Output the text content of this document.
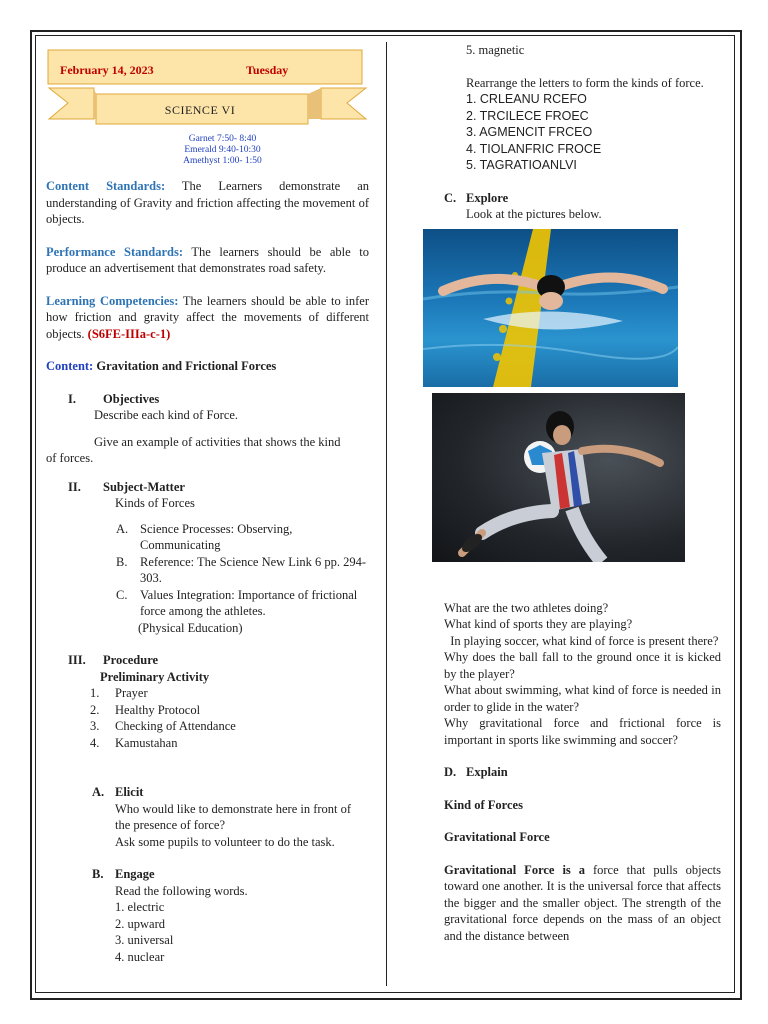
February 14, 2023	Tuesday
SCIENCE VI
Garnet 7:50- 8:40
Emerald 9:40-10:30
Amethyst 1:00- 1:50

Content Standards: The Learners demonstrate an understanding of Gravity and friction affecting the movement of objects.

Performance Standards: The learners should be able to produce an advertisement that demonstrates road safety.

Learning Competencies: The learners should be able to infer how friction and gravity affect the movements of different objects. (S6FE-IIIa-c-1)

Content: Gravitation and Frictional Forces

I.	Objectives
Describe each kind of Force.
Give an example of activities that shows the kind of forces.
II.	Subject-Matter
Kinds of Forces
A. Science Processes: Observing, Communicating
B.	Reference: The Science New Link 6 pp. 294-303.
C.	Values Integration: Importance of frictional force among the athletes.
(Physical Education)
III.	Procedure
Preliminary Activity
1.	Prayer
2.	Healthy Protocol
3.	Checking of Attendance
4.	Kamustahan
A. Elicit
Who would like to demonstrate here in front of the presence of force?
Ask some pupils to volunteer to do the task.
B. Engage
Read the following words.
1. electric
2. upward
3. universal
4. nuclear
5. magnetic
Rearrange the letters to form the kinds of force.
1. CRLEANU RCEFO
2. TRCILECE FROEC
3. AGMENCIT FRCEO
4. TIOLANFRIC FROCE
5. TAGRATIOANLVI
C. Explore
Look at the pictures below.
What are the two athletes doing?
What kind of sports they are playing?
In playing soccer, what kind of force is present there?
Why does the ball fall to the ground once it is kicked by the player?
What about swimming, what kind of force is needed in order to glide in the water?
Why gravitational force and frictional force is important in sports like swimming and soccer?
D. Explain
Kind of Forces
Gravitational Force

Gravitational Force is a force that pulls objects toward one another. It is the universal force that affects the bigger and the smaller object. The strength of the gravitational force depends on the mass of an object and the distance between
